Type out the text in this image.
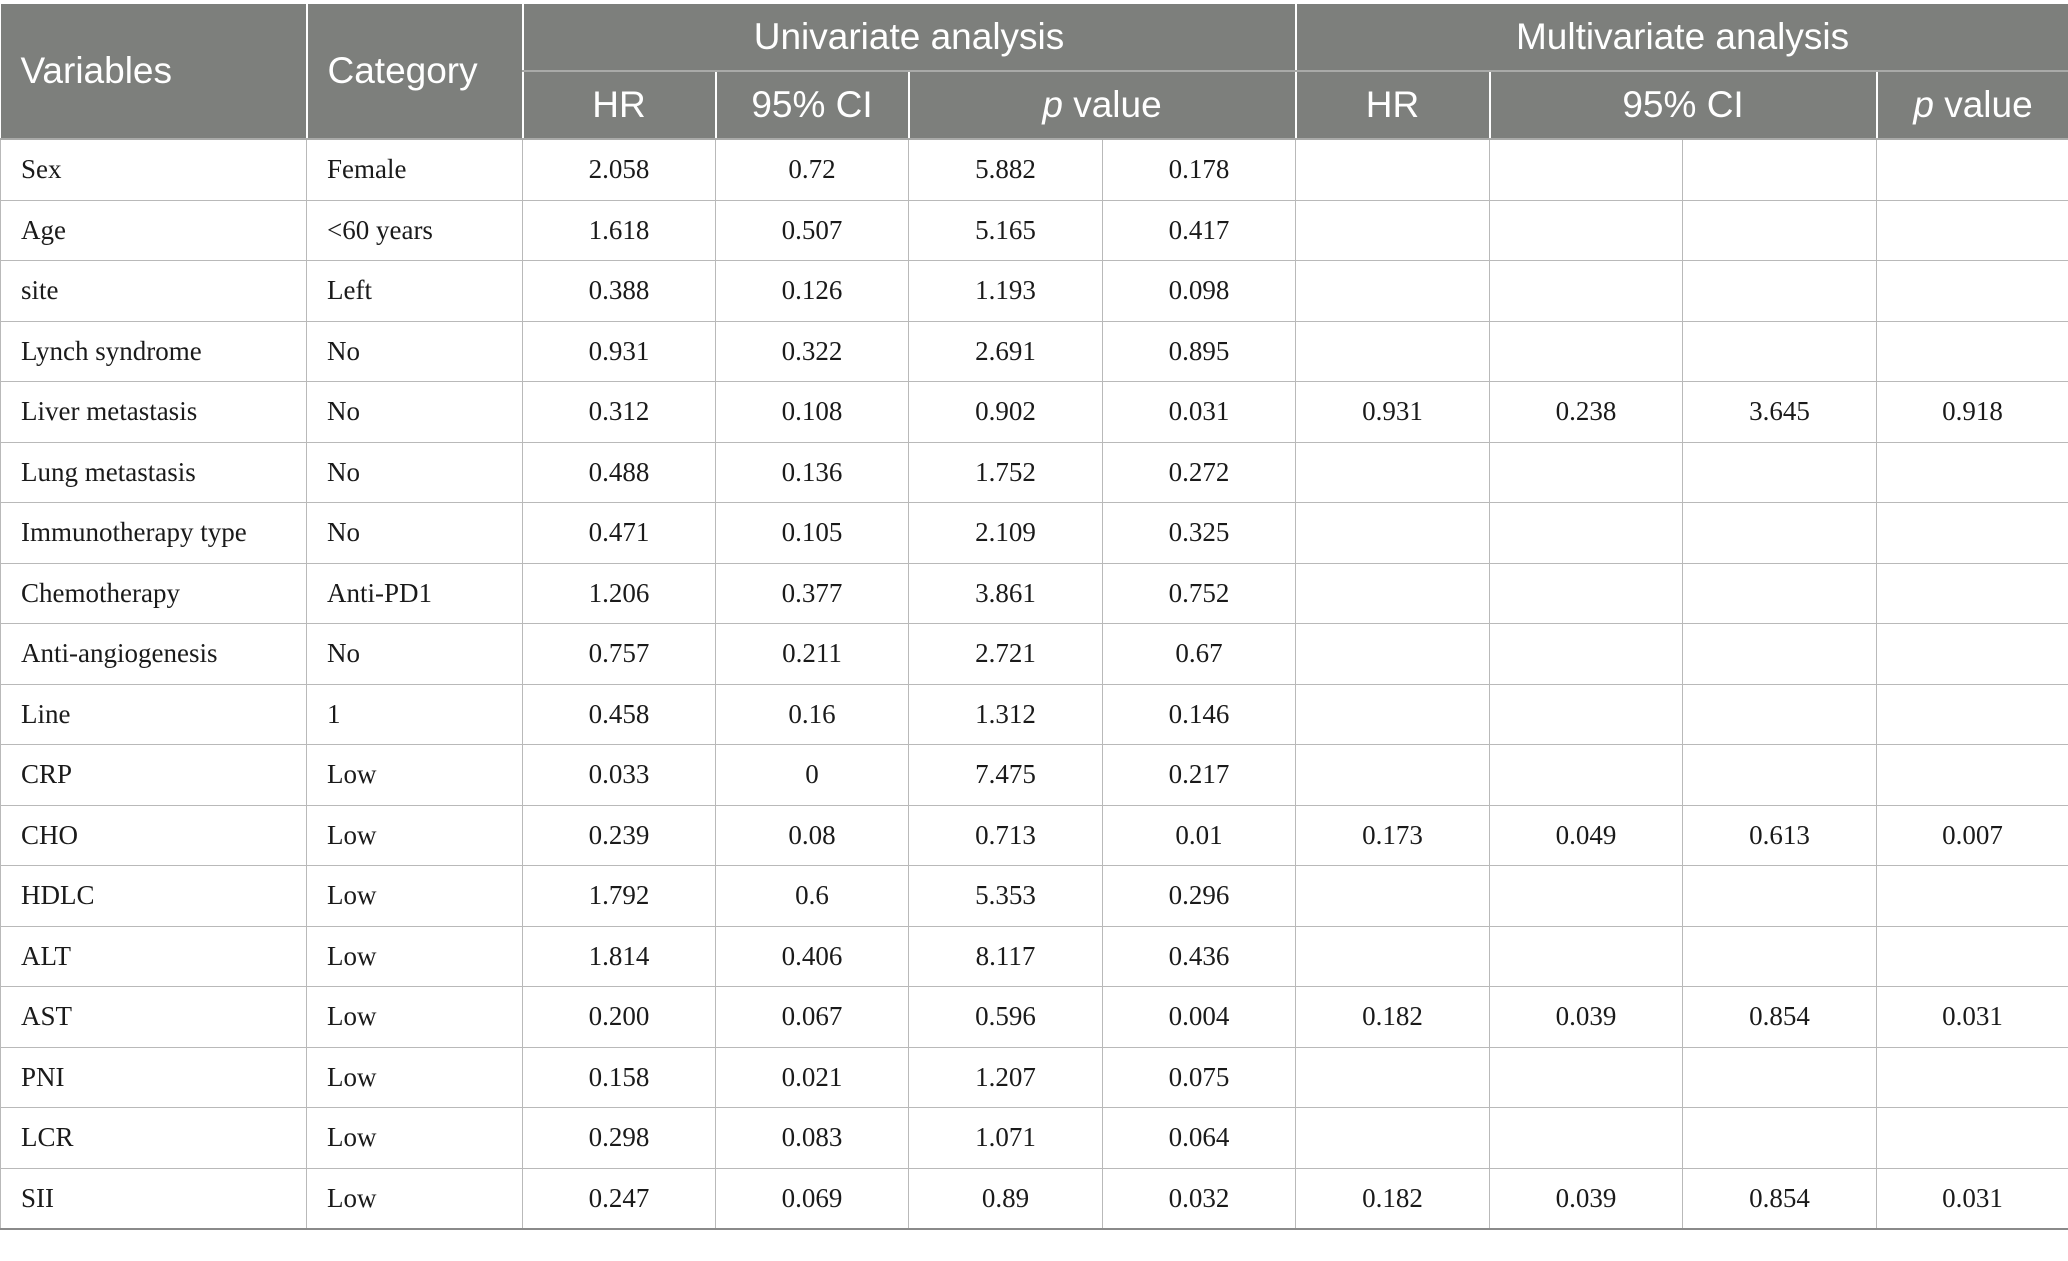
Variables	Category	Univariate analysis				Multivariate analysis			
		HR	95% CI	p value		HR	95% CI		p value
Sex	Female	2.058	0.72	5.882	0.178				
Age	<60 years	1.618	0.507	5.165	0.417				
site	Left	0.388	0.126	1.193	0.098				
Lynch syndrome	No	0.931	0.322	2.691	0.895				
Liver metastasis	No	0.312	0.108	0.902	0.031	0.931	0.238	3.645	0.918
Lung metastasis	No	0.488	0.136	1.752	0.272				
Immunotherapy type	No	0.471	0.105	2.109	0.325				
Chemotherapy	Anti-PD1	1.206	0.377	3.861	0.752				
Anti-angiogenesis	No	0.757	0.211	2.721	0.67				
Line	1	0.458	0.16	1.312	0.146				
CRP	Low	0.033	0	7.475	0.217				
CHO	Low	0.239	0.08	0.713	0.01	0.173	0.049	0.613	0.007
HDLC	Low	1.792	0.6	5.353	0.296				
ALT	Low	1.814	0.406	8.117	0.436				
AST	Low	0.200	0.067	0.596	0.004	0.182	0.039	0.854	0.031
PNI	Low	0.158	0.021	1.207	0.075				
LCR	Low	0.298	0.083	1.071	0.064				
SII	Low	0.247	0.069	0.89	0.032	0.182	0.039	0.854	0.031
